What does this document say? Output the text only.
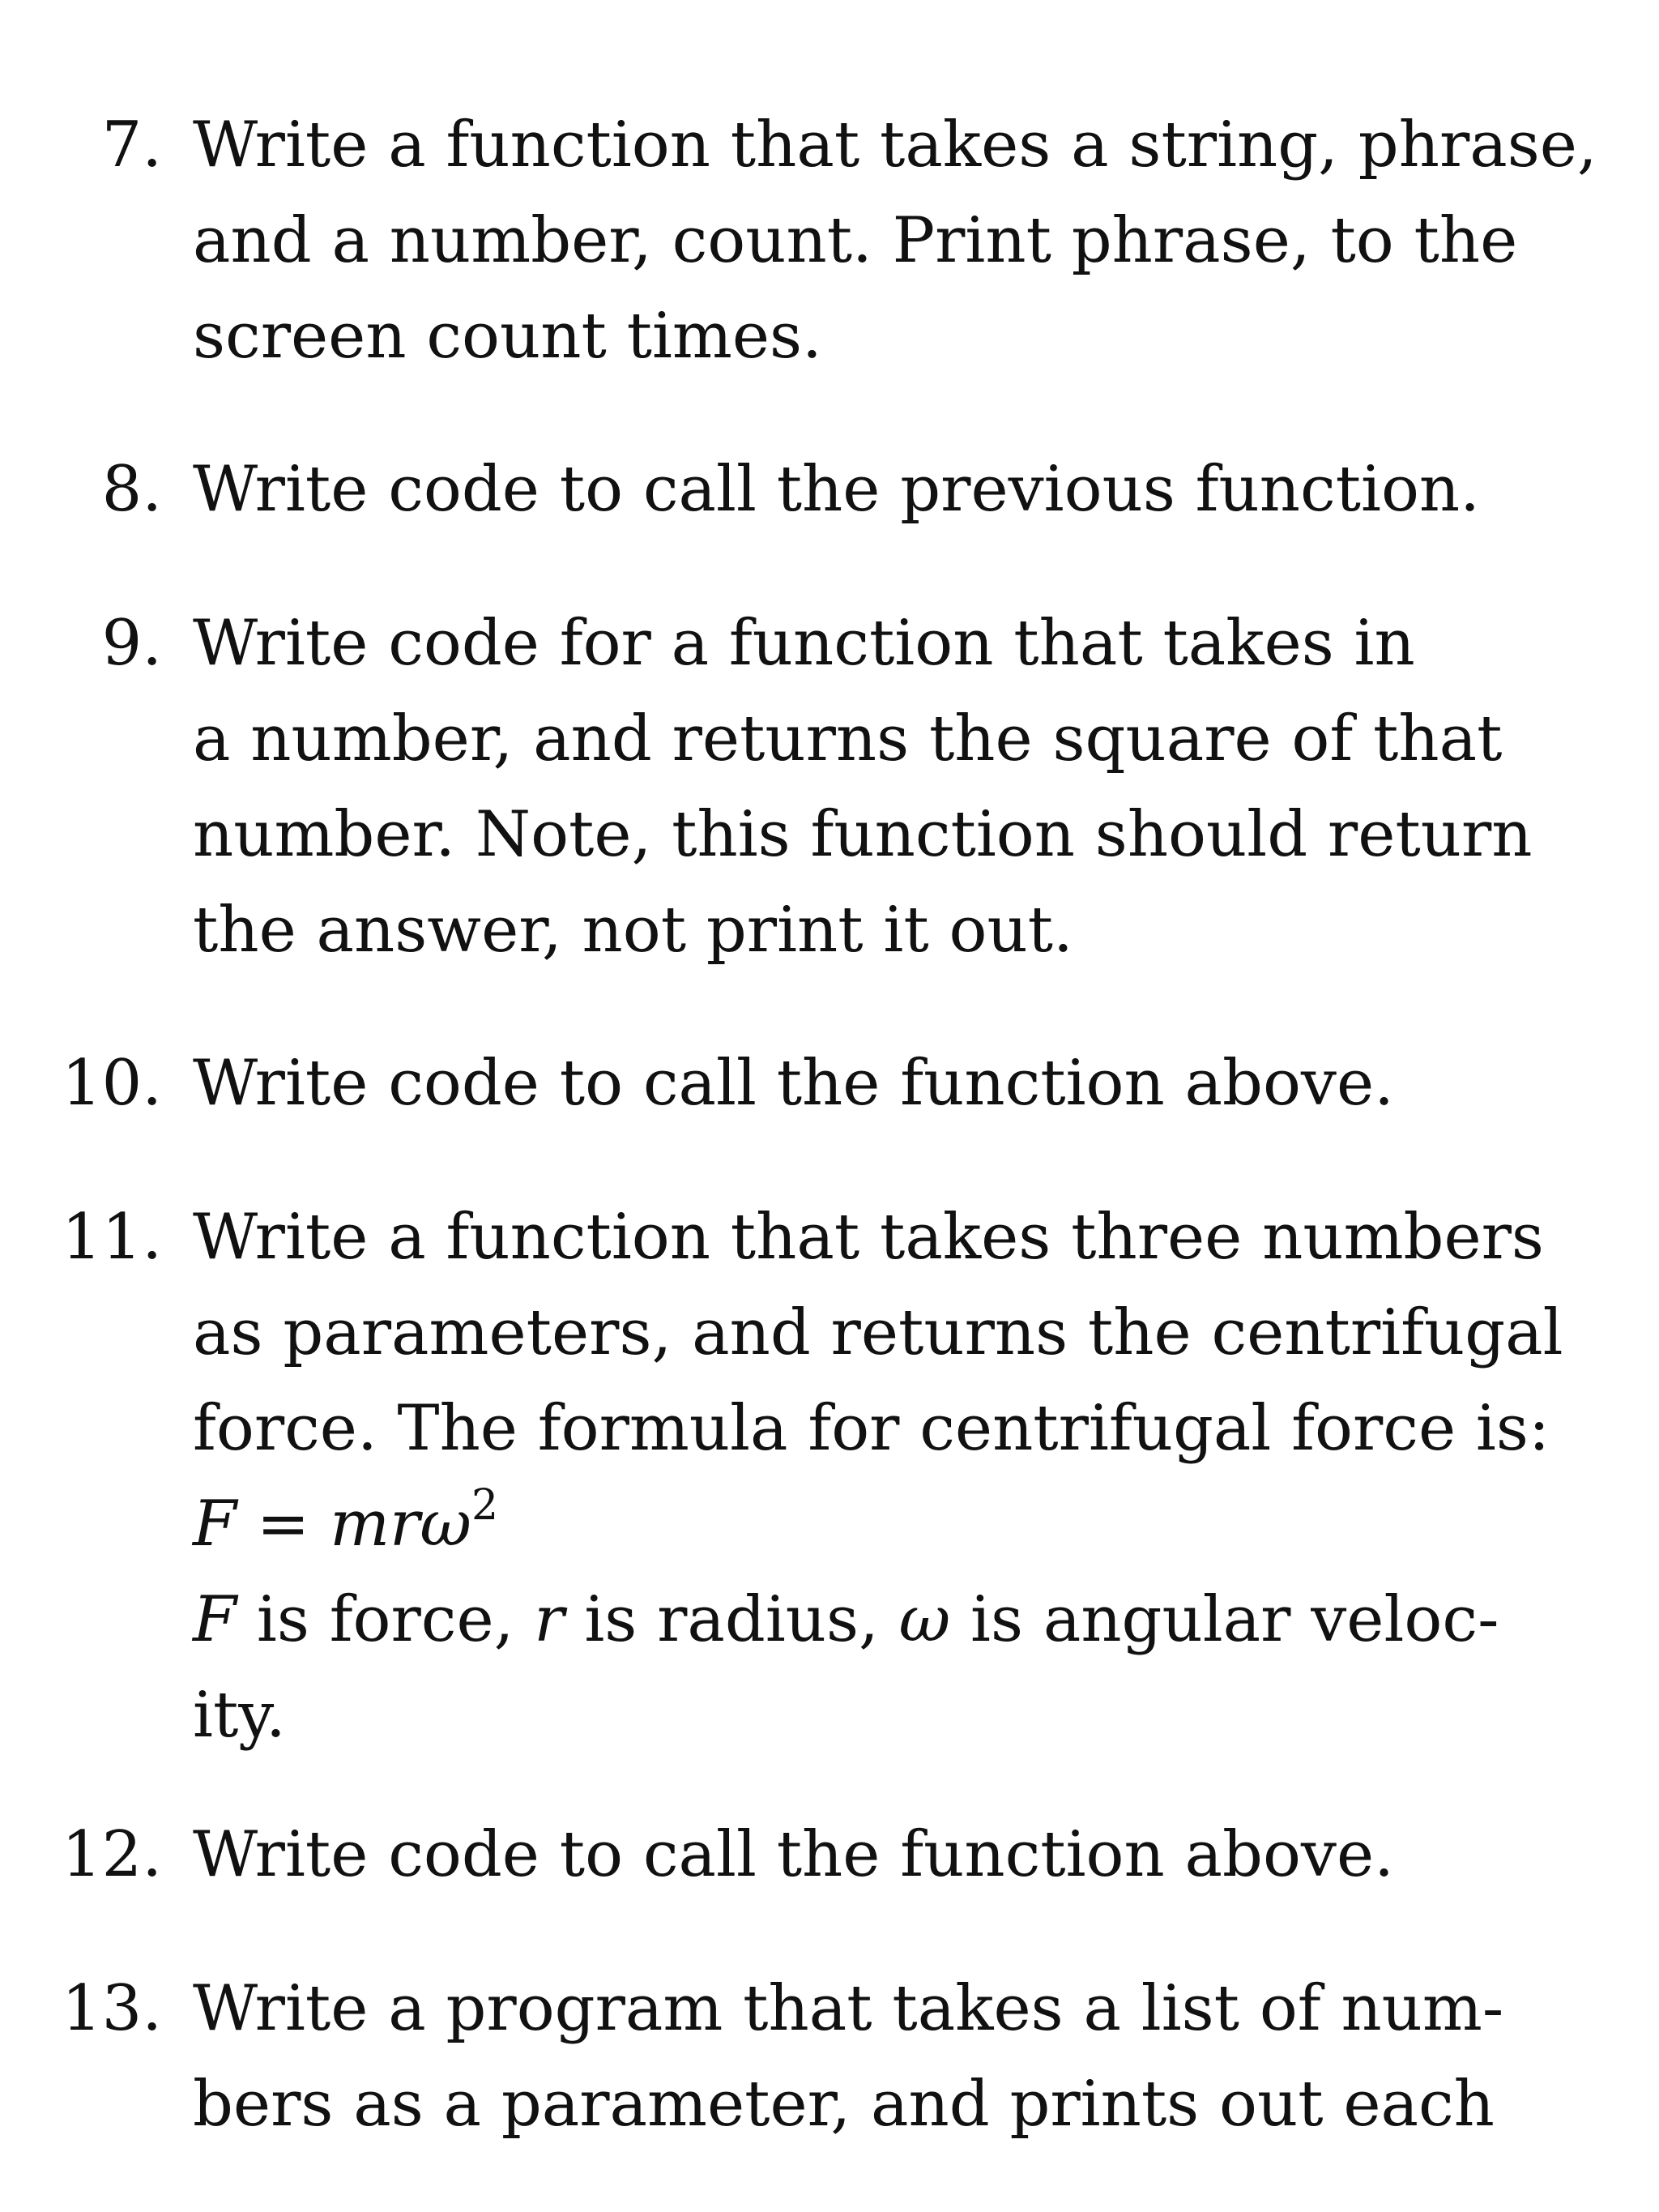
7. Write a function that takes a string, phrase,
and a number, count. Print phrase, to the
screen count times.
8. Write code to call the previous function.
9. Write code for a function that takes in
a number, and returns the square of that
number. Note, this function should return
the answer, not print it out.
10. Write code to call the function above.
11. Write a function that takes three numbers
as parameters, and returns the centrifugal
force. The formula for centrifugal force is:
F = mrω$^2$
F is force, r is radius, ω is angular veloc-
ity.
12. Write code to call the function above.
13. Write a program that takes a list of num-
bers as a parameter, and prints out each
